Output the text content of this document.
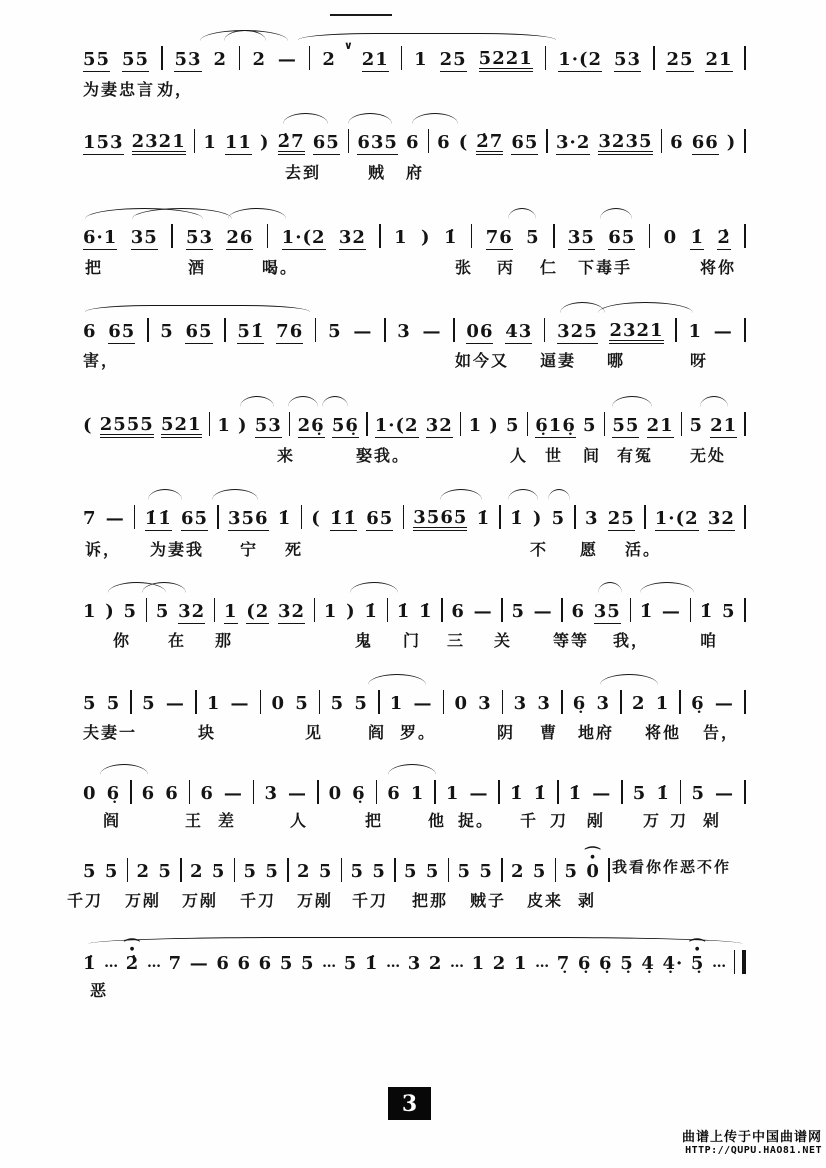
3
曲谱上传于中国曲谱网
HTTP://QUPU.HAO81.NET
55 55 53 2 2 — 2
∨
21 1 25 5221 1·(2 53 25 21
为妻忠言 劝，
153 2321 1 11 ) 2̇7 65 635 6 6 ( 2̇7 65 3·2 3235 6 66 )
去到	贼 府
6·1 35 53 26 1·(2 32 1 ) 1̇ 76 5 35 65 0 1̇ 2̇
把	酒	喝。	张 丙 仁 下毒手	将你
6 65 5 65 51̇ 76 5 — 3 — 06 43 325 2321 1 —
害，	如今又 逼妻 哪	呀
( 2555 521 1 ) 53 26̣ 56̣ 1·(2 32 1 ) 5 6̣16̣ 5 55 21 5 21
来	娶我。	人 世 间 有冤 无处
7 — 1̇1̇ 65 356 1̇ ( 1̇1̇ 65 3565 1̇ 1̇ ) 5 3 25 1·(2 32
诉， 为妻我 宁 死	不 愿 活。
1 ) 5 5 32 1 (2 32 1 ) 1̇ 1̇ 1̇ 6 — 5 — 6 35 1̇ — 1̇ 5
你 在 那	鬼 门 三 关	等等 我，	咱
5 5 5 — 1 — 0 5 5 5 1 — 0 3 3 3 6̣ 3 2 1 6̣ —
夫妻一	块	见	阎 罗。	阴 曹 地府 将他 告，
0 6̣ 6 6 6 — 3 — 0 6̣ 6 1 1 — 1̇ 1̇ 1̇ — 5 1̇ 5 —
阎	王 差	人	把	他 捉。 千 刀 剐 万 刀 剁
5 5 2 5 2 5 5 5 2 5 5 5 5 5 5 5 2 5 5 ⌒ 0 ●
千刀 万剐 万剐 千刀 万剐 千刀 把那 贼子 皮来 剥
我看你作恶不作
1̇ … ⌒ 2̇ ● … 7 — 6 6 6 5 5 … 5 1̇ … 3 2 … 1 2 1 … 7̣ 6̣ 6̣ 5̣ 4̣ 4̣· ⌒ 5̣ ● …
恶
